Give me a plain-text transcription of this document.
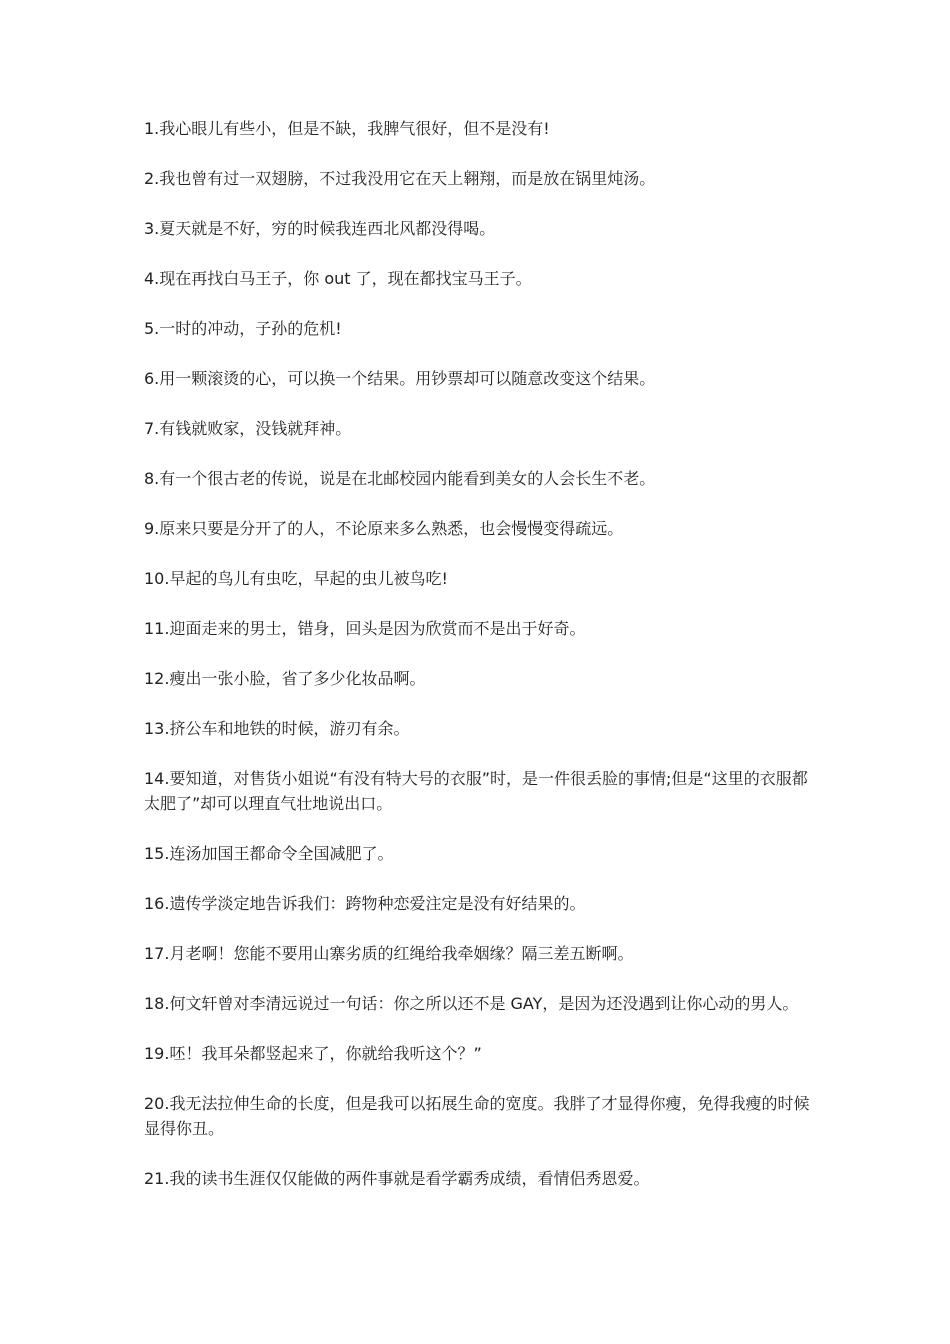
1.我心眼儿有些小，但是不缺，我脾气很好，但不是没有!

2.我也曾有过一双翅膀，不过我没用它在天上翱翔，而是放在锅里炖汤。

3.夏天就是不好，穷的时候我连西北风都没得喝。

4.现在再找白马王子，你 out 了，现在都找宝马王子。

5.一时的冲动，子孙的危机!

6.用一颗滚烫的心，可以换一个结果。用钞票却可以随意改变这个结果。

7.有钱就败家，没钱就拜神。

8.有一个很古老的传说，说是在北邮校园内能看到美女的人会长生不老。

9.原来只要是分开了的人，不论原来多么熟悉，也会慢慢变得疏远。

10.早起的鸟儿有虫吃，早起的虫儿被鸟吃!

11.迎面走来的男士，错身，回头是因为欣赏而不是出于好奇。

12.瘦出一张小脸，省了多少化妆品啊。

13.挤公车和地铁的时候，游刃有余。

14.要知道，对售货小姐说“有没有特大号的衣服”时，是一件很丢脸的事情;但是“这里的衣服都太肥了”却可以理直气壮地说出口。

15.连汤加国王都命令全国减肥了。

16.遗传学淡定地告诉我们：跨物种恋爱注定是没有好结果的。

17.月老啊！您能不要用山寨劣质的红绳给我牵姻缘？隔三差五断啊。

18.何文轩曾对李清远说过一句话：你之所以还不是 GAY，是因为还没遇到让你心动的男人。

19.呸！我耳朵都竖起来了，你就给我听这个？”

20.我无法拉伸生命的长度，但是我可以拓展生命的宽度。我胖了才显得你瘦，免得我瘦的时候显得你丑。

21.我的读书生涯仅仅能做的两件事就是看学霸秀成绩，看情侣秀恩爱。
